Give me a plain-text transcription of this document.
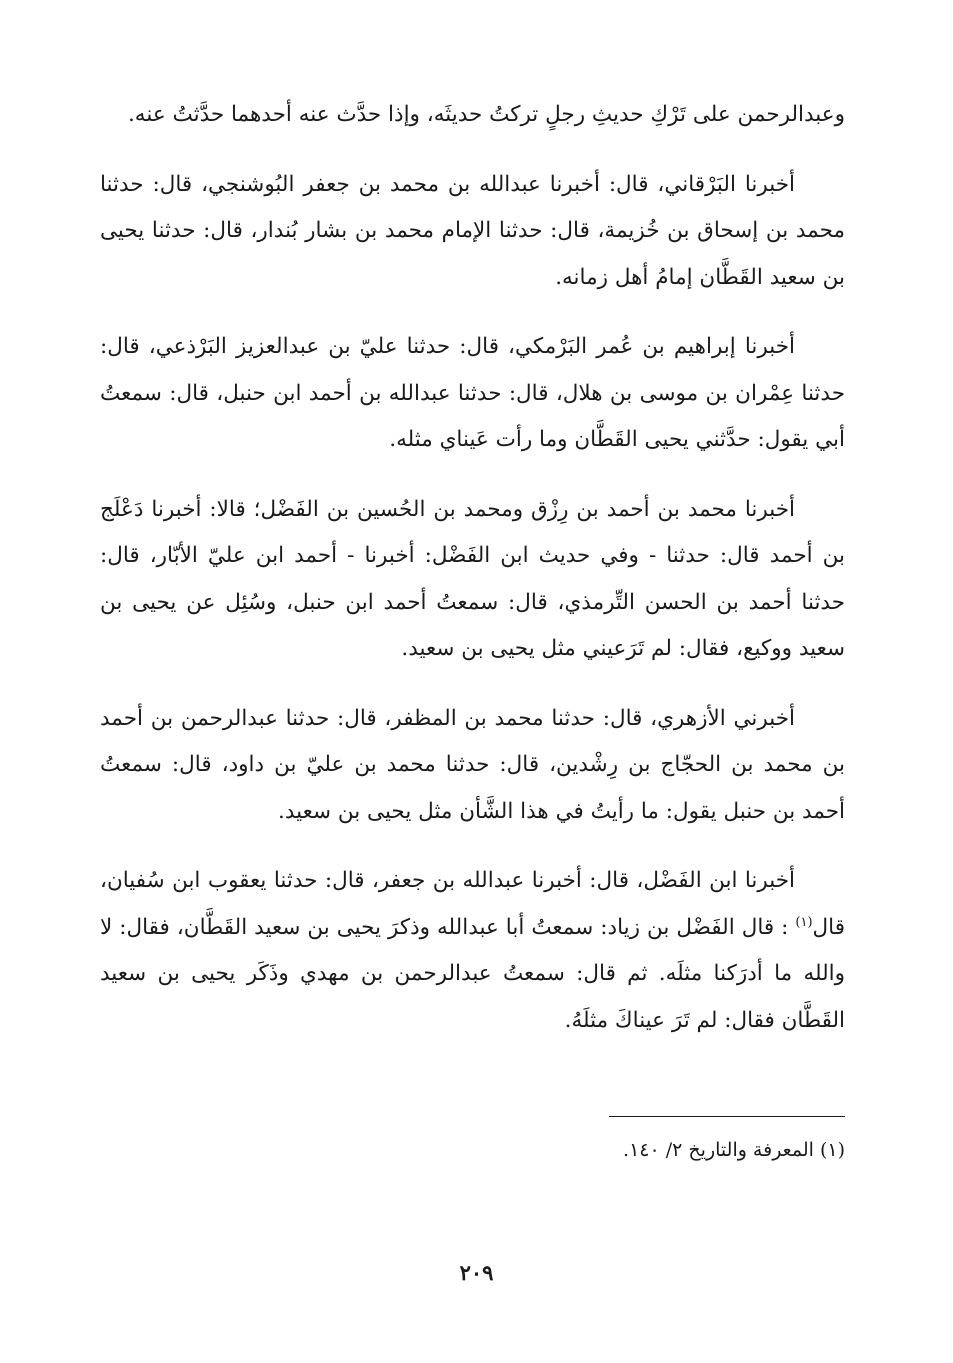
وعبدالرحمن على تَرْكِ حديثِ رجلٍ تركتُ حديثَه، وإذا حدَّث عنه أحدهما حدَّثتُ عنه.

أخبرنا البَرْقاني، قال: أخبرنا عبدالله بن محمد بن جعفر البُوشنجي، قال: حدثنا محمد بن إسحاق بن خُزيمة، قال: حدثنا الإمام محمد بن بشار بُندار، قال: حدثنا يحيى بن سعيد القَطَّان إمامُ أهل زمانه.

أخبرنا إبراهيم بن عُمر البَرْمكي، قال: حدثنا عليّ بن عبدالعزيز البَرْذعي، قال: حدثنا عِمْران بن موسى بن هلال، قال: حدثنا عبدالله بن أحمد ابن حنبل، قال: سمعتُ أبي يقول: حدَّثني يحيى القَطَّان وما رأت عَيناي مثله.

أخبرنا محمد بن أحمد بن رِزْق ومحمد بن الحُسين بن الفَضْل؛ قالا: أخبرنا دَعْلَج بن أحمد قال: حدثنا - وفي حديث ابن الفَضْل: أخبرنا - أحمد ابن عليّ الأبّار، قال: حدثنا أحمد بن الحسن التِّرمذي، قال: سمعتُ أحمد ابن حنبل، وسُئِل عن يحيى بن سعيد ووكيع، فقال: لم تَرَعيني مثل يحيى بن سعيد.

أخبرني الأزهري، قال: حدثنا محمد بن المظفر، قال: حدثنا عبدالرحمن بن أحمد بن محمد بن الحجّاج بن رِشْدين، قال: حدثنا محمد بن عليّ بن داود، قال: سمعتُ أحمد بن حنبل يقول: ما رأيتُ في هذا الشَّأن مثل يحيى بن سعيد.

أخبرنا ابن الفَضْل، قال: أخبرنا عبدالله بن جعفر، قال: حدثنا يعقوب ابن سُفيان، قال$^{(١)}$ : قال الفَضْل بن زياد: سمعتُ أبا عبدالله وذكرَ يحيى بن سعيد القَطَّان، فقال: لا والله ما أدرَكنا مثلَه. ثم قال: سمعتُ عبدالرحمن بن مهدي وذَكَر يحيى بن سعيد القَطَّان فقال: لم تَرَ عيناكَ مثلَهُ.

(١) المعرفة والتاريخ ٢/ ١٤٠.
٢٠٩
